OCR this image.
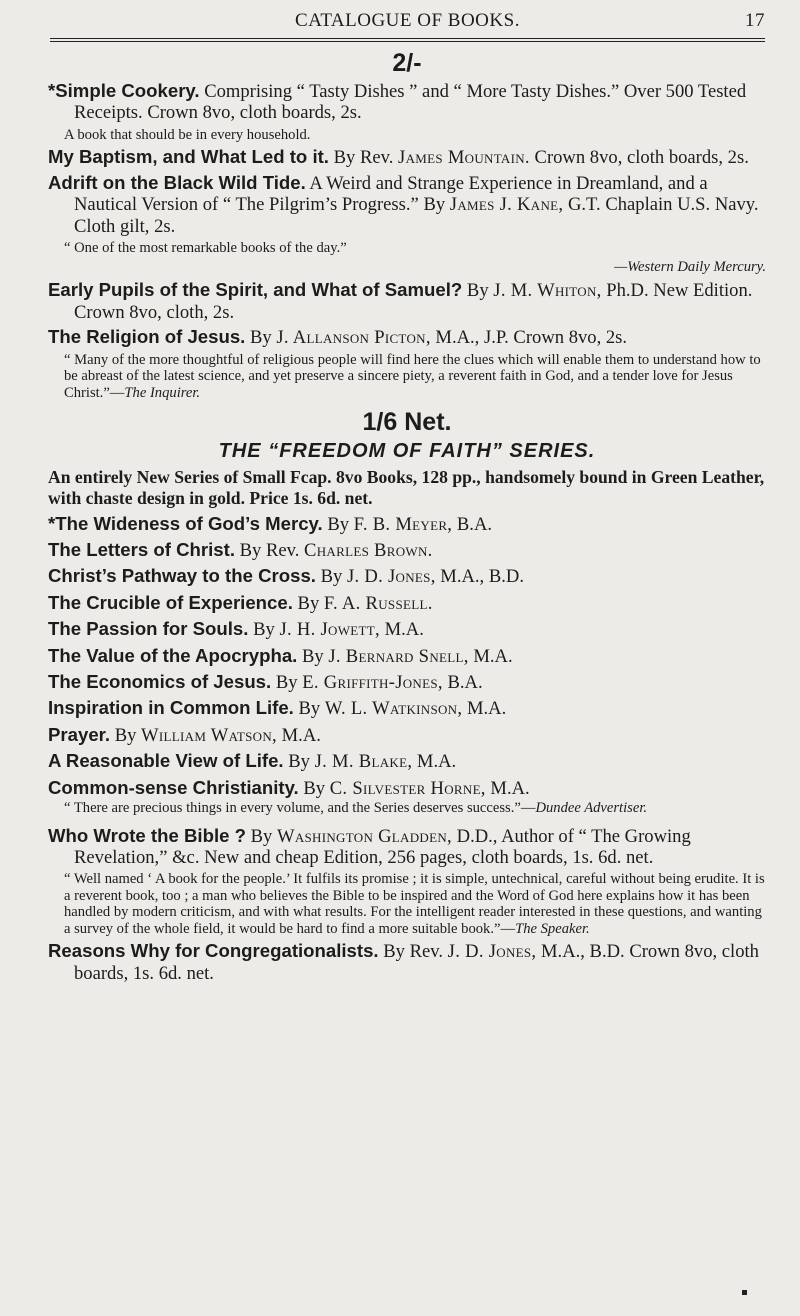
CATALOGUE OF BOOKS.	17
2/-
*Simple Cookery. Comprising “ Tasty Dishes ” and “ More Tasty Dishes.” Over 500 Tested Receipts. Crown 8vo, cloth boards, 2s.
A book that should be in every household.
My Baptism, and What Led to it. By Rev. James Mountain. Crown 8vo, cloth boards, 2s.
Adrift on the Black Wild Tide. A Weird and Strange Experience in Dreamland, and a Nautical Version of “ The Pilgrim’s Progress.” By James J. Kane, G.T. Chaplain U.S. Navy. Cloth gilt, 2s.
“ One of the most remarkable books of the day.”
—Western Daily Mercury.
Early Pupils of the Spirit, and What of Samuel? By J. M. Whiton, Ph.D. New Edition. Crown 8vo, cloth, 2s.
The Religion of Jesus. By J. Allanson Picton, M.A., J.P. Crown 8vo, 2s.
“ Many of the more thoughtful of religious people will find here the clues which will enable them to understand how to be abreast of the latest science, and yet preserve a sincere piety, a reverent faith in God, and a tender love for Jesus Christ.”—The Inquirer.
1/6 Net.
THE “FREEDOM OF FAITH” SERIES.
An entirely New Series of Small Fcap. 8vo Books, 128 pp., handsomely bound in Green Leather, with chaste design in gold. Price 1s. 6d. net.
*The Wideness of God’s Mercy. By F. B. Meyer, B.A.
The Letters of Christ. By Rev. Charles Brown.
Christ’s Pathway to the Cross. By J. D. Jones, M.A., B.D.
The Crucible of Experience. By F. A. Russell.
The Passion for Souls. By J. H. Jowett, M.A.
The Value of the Apocrypha. By J. Bernard Snell, M.A.
The Economics of Jesus. By E. Griffith-Jones, B.A.
Inspiration in Common Life. By W. L. Watkinson, M.A.
Prayer. By William Watson, M.A.
A Reasonable View of Life. By J. M. Blake, M.A.
Common-sense Christianity. By C. Silvester Horne, M.A.
“ There are precious things in every volume, and the Series deserves success.”—Dundee Advertiser.
Who Wrote the Bible ? By Washington Gladden, D.D., Author of “ The Growing Revelation,” &c. New and cheap Edition, 256 pages, cloth boards, 1s. 6d. net.
“ Well named ‘ A book for the people.’ It fulfils its promise ; it is simple, untechnical, careful without being erudite. It is a reverent book, too ; a man who believes the Bible to be inspired and the Word of God here explains how it has been handled by modern criticism, and with what results. For the intelligent reader interested in these questions, and wanting a survey of the whole field, it would be hard to find a more suitable book.”—The Speaker.
Reasons Why for Congregationalists. By Rev. J. D. Jones, M.A., B.D. Crown 8vo, cloth boards, 1s. 6d. net.
